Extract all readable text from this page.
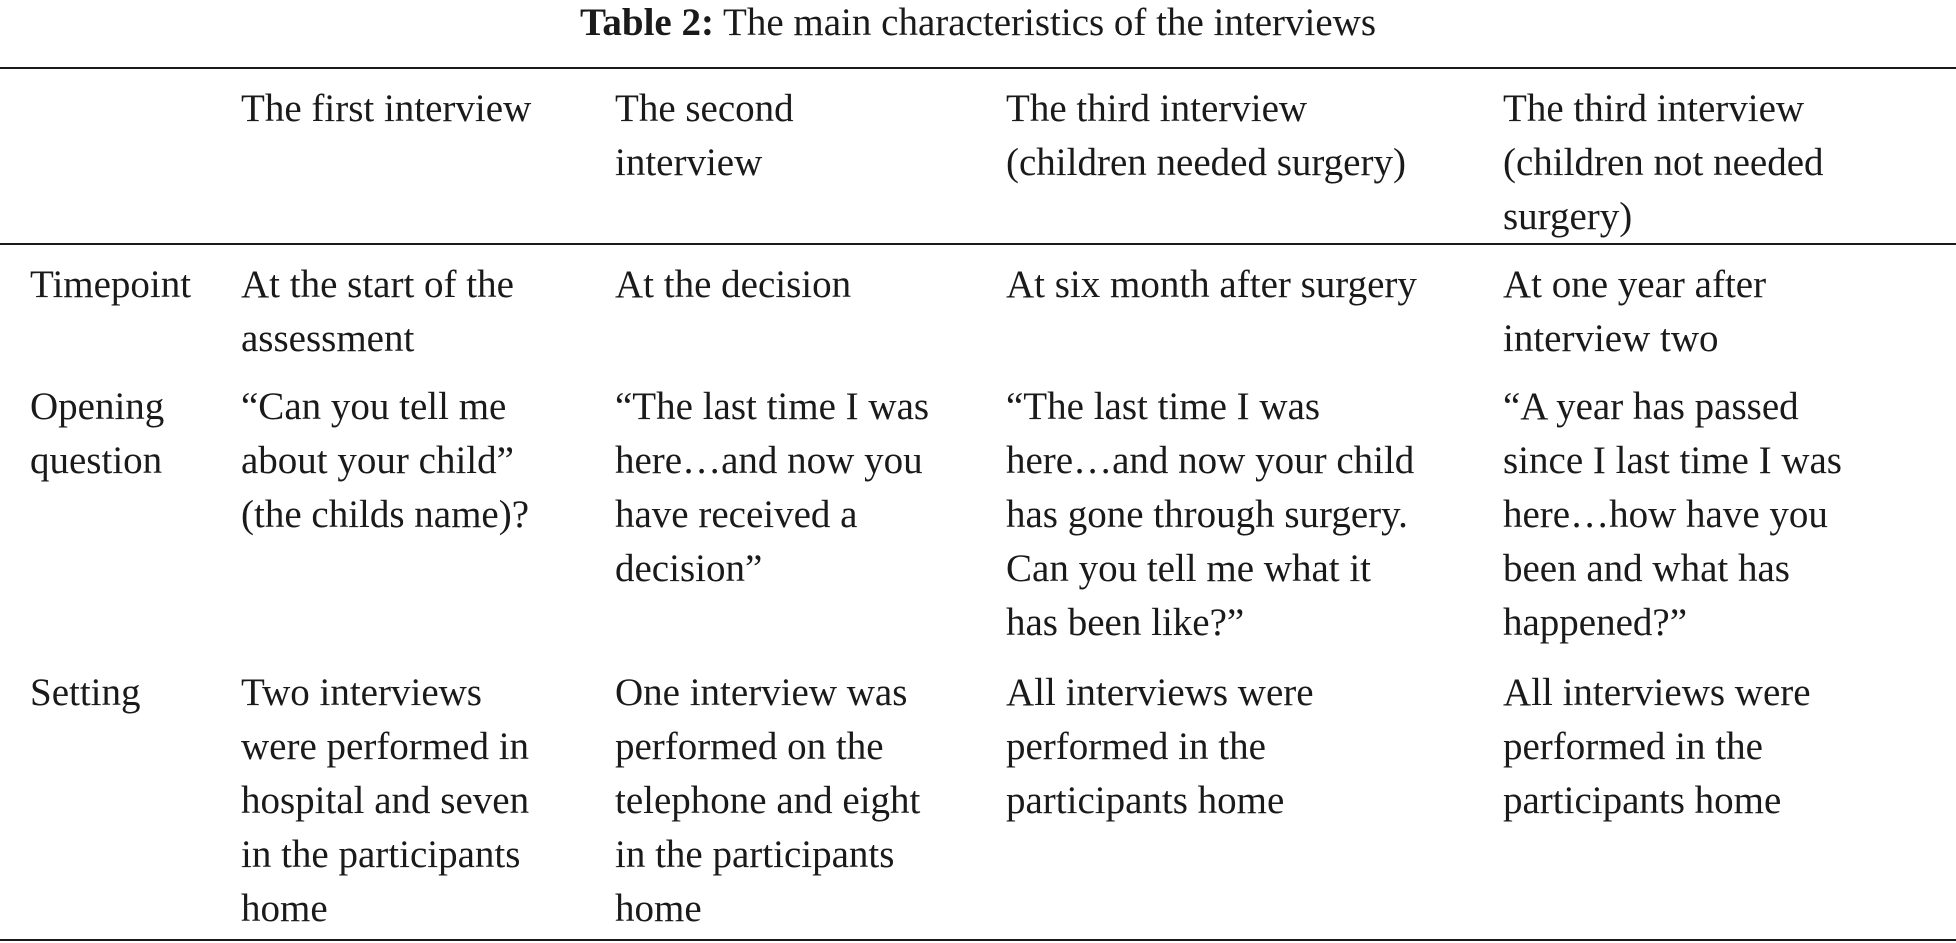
Table 2: The main characteristics of the interviews
The first interview The second
interview
The third interview
(children needed surgery)
The third interview
(children not needed
surgery)
Timepoint At the start of the
assessment
At the decision	At six month after surgery At one year after
interview two
Opening
question
“Can you tell me
about your child”
(the childs name)?
“The last time I was
here…and now you
have received a
decision”
“The last time I was
here…and now your child
has gone through surgery.
Can you tell me what it
has been like?”
“A year has passed
since I last time I was
here…how have you
been and what has
happened?”
Setting	Two interviews
were performed in
hospital and seven
in the participants
home
One interview was
performed on the
telephone and eight
in the participants
home
All interviews were
performed in the
participants home
All interviews were
performed in the
participants home
